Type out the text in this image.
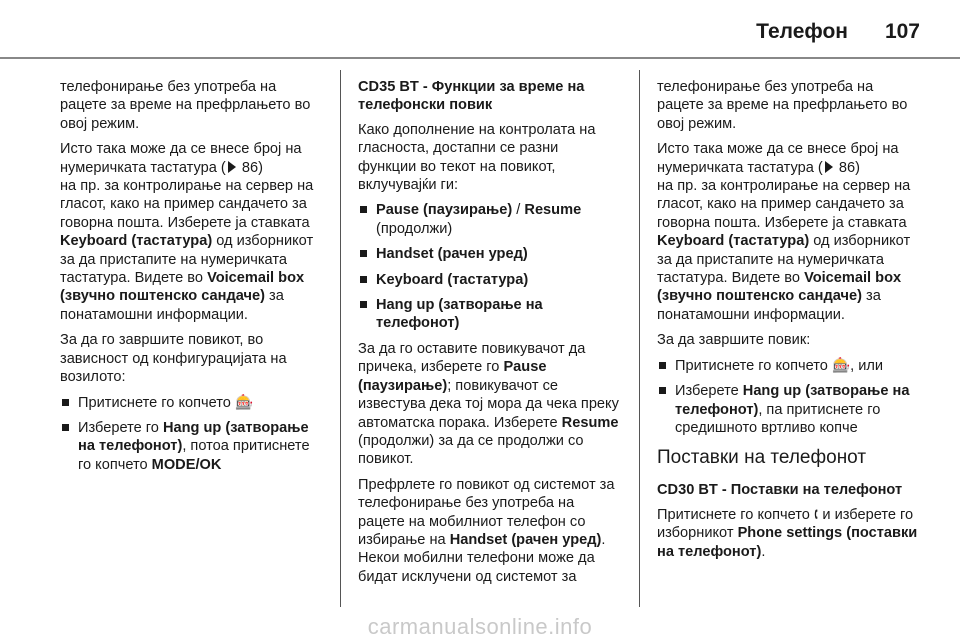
Телефон 107

телефонирање без употреба на рацете за време на префрлањето во овој режим.

Исто така може да се внесе број на нумеричката тастатура ( 86)
на пр. за контролирање на сервер на гласот, како на пример сандачето за говорна пошта. Изберете ја ставката Keyboard (тастатура) од изборникот за да пристапите на нумеричката тастатура. Видете во Voicemail box (звучно поштенско сандаче) за понатамошни информации.

За да го завршите повикот, во зависност од конфигурацијата на возилото:

Притиснете го копчето 🎰
Изберете го Hang up (затворање на телефонот), потоа притиснете го копчето MODE/OK
CD35 BT - Функции за време на телефонски повик

Како дополнение на контролата на гласноста, достапни се разни функции во текот на повикот, вклучувајќи ги:

Pause (паузирање) / Resume
(продолжи)
Handset (рачен уред)
Keyboard (тастатура)
Hang up (затворање на телефонот)

За да го оставите повикувачот да причека, изберете го Pause (паузирање); повикувачот се известува дека тој мора да чека преку автоматска порака. Изберете Resume (продолжи) за да се продолжи со повикот.

Префрлете го повикот од системот за телефонирање без употреба на рацете на мобилниот телефон со избирање на Handset (рачен уред). Некои мобилни телефони може да бидат исклучени од системот за

телефонирање без употреба на рацете за време на префрлањето во овој режим.

Исто така може да се внесе број на нумеричката тастатура ( 86)
на пр. за контролирање на сервер на гласот, како на пример сандачето за говорна пошта. Изберете ја ставката Keyboard (тастатура) од изборникот за да пристапите на нумеричката тастатура. Видете во Voicemail box (звучно поштенско сандаче) за понатамошни информации.

За да завршите повик:

Притиснете го копчето 🎰, или
Изберете Hang up (затворање на телефонот), па притиснете го средишното вртливо копче
Поставки на телефонот
CD30 BT - Поставки на телефонот

Притиснете го копчето 🕻 и изберете го изборникот Phone settings (поставки на телефонот).

carmanualsonline.info
